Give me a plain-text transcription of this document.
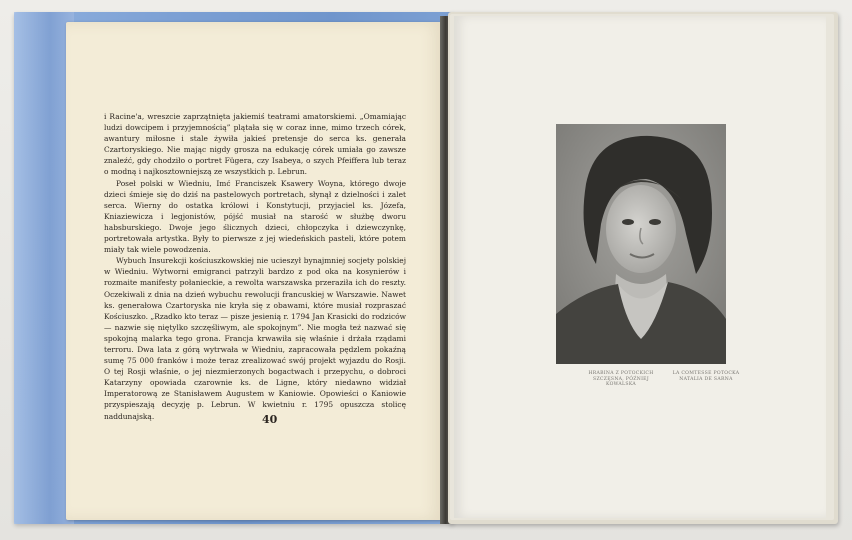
i Racine'a, wreszcie zaprzątnięta jakiemiś teatrami amatorskiemi. „Omamiając ludzi dowcipem i przyjemnością” plątała się w coraz inne, mimo trzech córek, awantury miłosne i stale żywiła jakieś pretensje do serca ks. generała Czartoryskiego. Nie mając nigdy grosza na edukację córek umiała go zawsze znaleźć, gdy chodziło o portret Fügera, czy Isabeya, o szych Pfeiffera lub teraz o modną i najkosztowniejszą ze wszystkich p. Lebrun.

Poseł polski w Wiedniu, Imć Franciszek Ksawery Woyna, którego dwoje dzieci śmieje się do dziś na pastelowych portretach, słynął z dzielności i zalet serca. Wierny do ostatka królowi i Konstytucji, przyjaciel ks. Józefa, Kniaziewicza i legjonistów, pójść musiał na starość w służbę dworu habsburskiego. Dwoje jego ślicznych dzieci, chłopczyka i dziewczynkę, portretowała artystka. Były to pierwsze z jej wiedeńskich pasteli, które potem miały tak wiele powodzenia.

Wybuch Insurekcji kościuszkowskiej nie ucieszył bynajmniej socjety polskiej w Wiedniu. Wytworni emigranci patrzyli bardzo z pod oka na kosynierów i rozmaite manifesty połanieckie, a rewolta warszawska przeraziła ich do reszty. Oczekiwali z dnia na dzień wybuchu rewolucji francuskiej w Warszawie. Nawet ks. generałowa Czartoryska nie kryła się z obawami, które musiał rozpraszać Kościuszko. „Rzadko kto teraz — pisze jesienią r. 1794 Jan Krasicki do rodziców — nazwie się niętylko szczęśliwym, ale spokojnym”. Nie mogła też nazwać się spokojną malarka tego grona. Francja krwawiła się właśnie i drżała rządami terroru. Dwa lata z górą wytrwała w Wiedniu, zapracowała pędzlem pokaźną sumę 75 000 franków i może teraz zrealizować swój projekt wyjazdu do Rosji. O tej Rosji właśnie, o jej niezmierzonych bogactwach i przepychu, o dobroci Katarzyny opowiada czarownie ks. de Ligne, który niedawno widział Imperatorową ze Stanisławem Augustem w Kaniowie. Opowieści o Kaniowie przyspieszają decyzję p. Lebrun. W kwietniu r. 1795 opuszcza stolicę naddunajską.	40
HRABINA Z POTOCKICH SZCZĘSNA, PÓŹNIEJ KOWALSKA
LA COMTESSE POTOCKA NATALIA DE SARNA
